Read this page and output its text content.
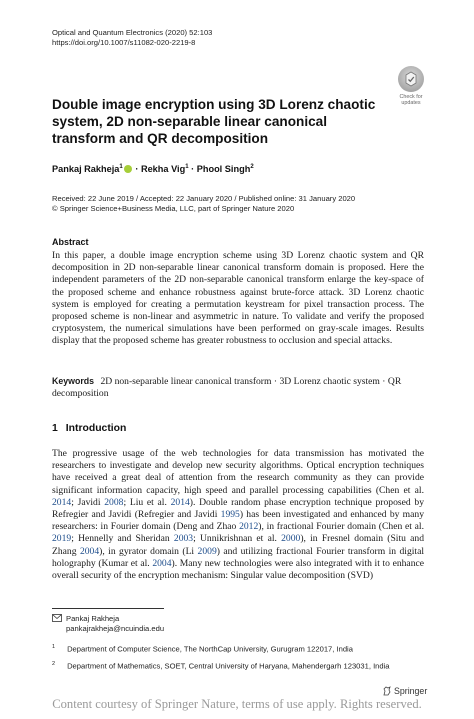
Optical and Quantum Electronics (2020) 52:103
https://doi.org/10.1007/s11082-020-2219-8
Check for
updates
Double image encryption using 3D Lorenz chaotic system, 2D non-separable linear canonical transform and QR decomposition
Pankaj Rakheja$^1$ · Rekha Vig$^1$ · Phool Singh$^2$
Received: 22 June 2019 / Accepted: 22 January 2020 / Published online: 31 January 2020
© Springer Science+Business Media, LLC, part of Springer Nature 2020
Abstract
In this paper, a double image encryption scheme using 3D Lorenz chaotic system and QR decomposition in 2D non-separable linear canonical transform domain is proposed. Here the independent parameters of the 2D non-separable canonical transform enlarge the key-space of the proposed scheme and enhance robustness against brute-force attack. 3D Lorenz chaotic system is employed for creating a permutation keystream for pixel transaction process. The proposed scheme is non-linear and asymmetric in nature. To validate and verify the proposed cryptosystem, the numerical simulations have been performed on gray-scale images. Results display that the proposed scheme has greater robustness to occlusion and special attacks.
Keywords 2D non-separable linear canonical transform · 3D Lorenz chaotic system · QR decomposition
1 Introduction
The progressive usage of the web technologies for data transmission has motivated the researchers to investigate and develop new security algorithms. Optical encryption techniques have received a great deal of attention from the research community as they can provide significant information capacity, high speed and parallel processing capabilities (Chen et al. 2014; Javidi 2008; Liu et al. 2014). Double random phase encryption technique proposed by Refregier and Javidi (Refregier and Javidi 1995) has been investigated and enhanced by many researchers: in Fourier domain (Deng and Zhao 2012), in fractional Fourier domain (Chen et al. 2019; Hennelly and Sheridan 2003; Unnikrishnan et al. 2000), in Fresnel domain (Situ and Zhang 2004), in gyrator domain (Li 2009) and utilizing fractional Fourier transform in digital holography (Kumar et al. 2004). Many new technologies were also integrated with it to enhance overall security of the encryption mechanism: Singular value decomposition (SVD)
Pankaj Rakheja
pankajrakheja@ncuindia.edu
$^1$ Department of Computer Science, The NorthCap University, Gurugram 122017, India
$^2$ Department of Mathematics, SOET, Central University of Haryana, Mahendergarh 123031, India
Springer
Content courtesy of Springer Nature, terms of use apply. Rights reserved.
